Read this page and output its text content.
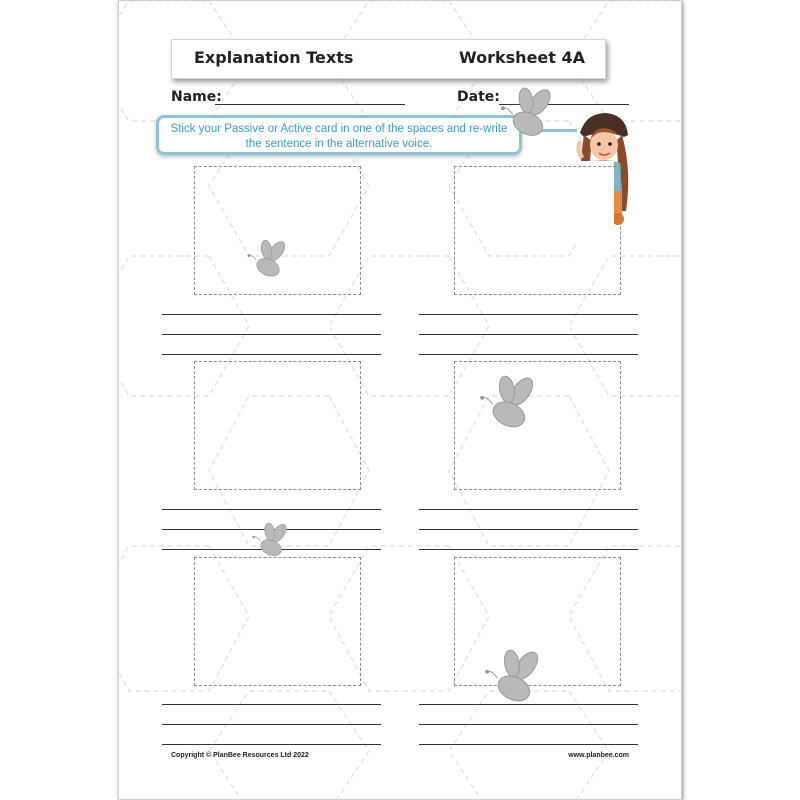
Explanation Texts	Worksheet 4A
Name:	Date:
Stick your Passive or Active card in one of the spaces and re-write
the sentence in the alternative voice.
Copyright © PlanBee Resources Ltd 2022	www.planbee.com
